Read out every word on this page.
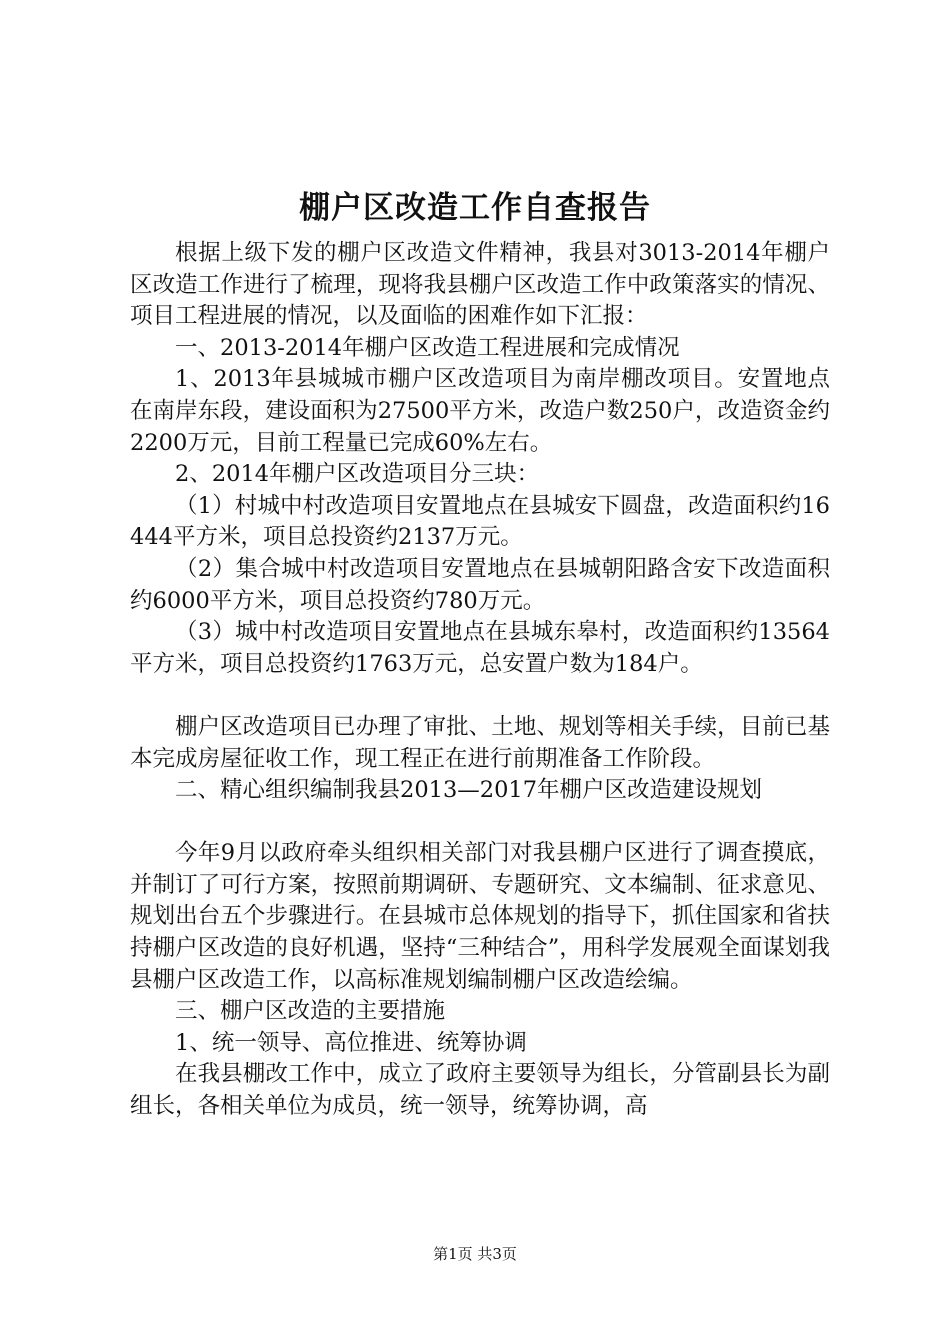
棚户区改造工作自查报告

根据上级下发的棚户区改造文件精神，我县对3013-2014年棚户区改造工作进行了梳理，现将我县棚户区改造工作中政策落实的情况、项目工程进展的情况，以及面临的困难作如下汇报：

一、2013-2014年棚户区改造工程进展和完成情况

1、2013年县城城市棚户区改造项目为南岸棚改项目。安置地点在南岸东段，建设面积为27500平方米，改造户数250户，改造资金约2200万元，目前工程量已完成60%左右。

2、2014年棚户区改造项目分三块：

（1）村城中村改造项目安置地点在县城安下圆盘，改造面积约16444平方米，项目总投资约2137万元。

（2）集合城中村改造项目安置地点在县城朝阳路含安下改造面积约6000平方米，项目总投资约780万元。

（3）城中村改造项目安置地点在县城东皋村，改造面积约13564平方米，项目总投资约1763万元，总安置户数为184户。

棚户区改造项目已办理了审批、土地、规划等相关手续，目前已基本完成房屋征收工作，现工程正在进行前期准备工作阶段。

二、精心组织编制我县2013—2017年棚户区改造建设规划

今年9月以政府牵头组织相关部门对我县棚户区进行了调查摸底，并制订了可行方案，按照前期调研、专题研究、文本编制、征求意见、规划出台五个步骤进行。在县城市总体规划的指导下，抓住国家和省扶持棚户区改造的良好机遇，坚持“三种结合”，用科学发展观全面谋划我县棚户区改造工作，以高标准规划编制棚户区改造绘编。

三、棚户区改造的主要措施

1、统一领导、高位推进、统筹协调

在我县棚改工作中，成立了政府主要领导为组长，分管副县长为副组长，各相关单位为成员，统一领导，统筹协调，高

第1页 共3页
